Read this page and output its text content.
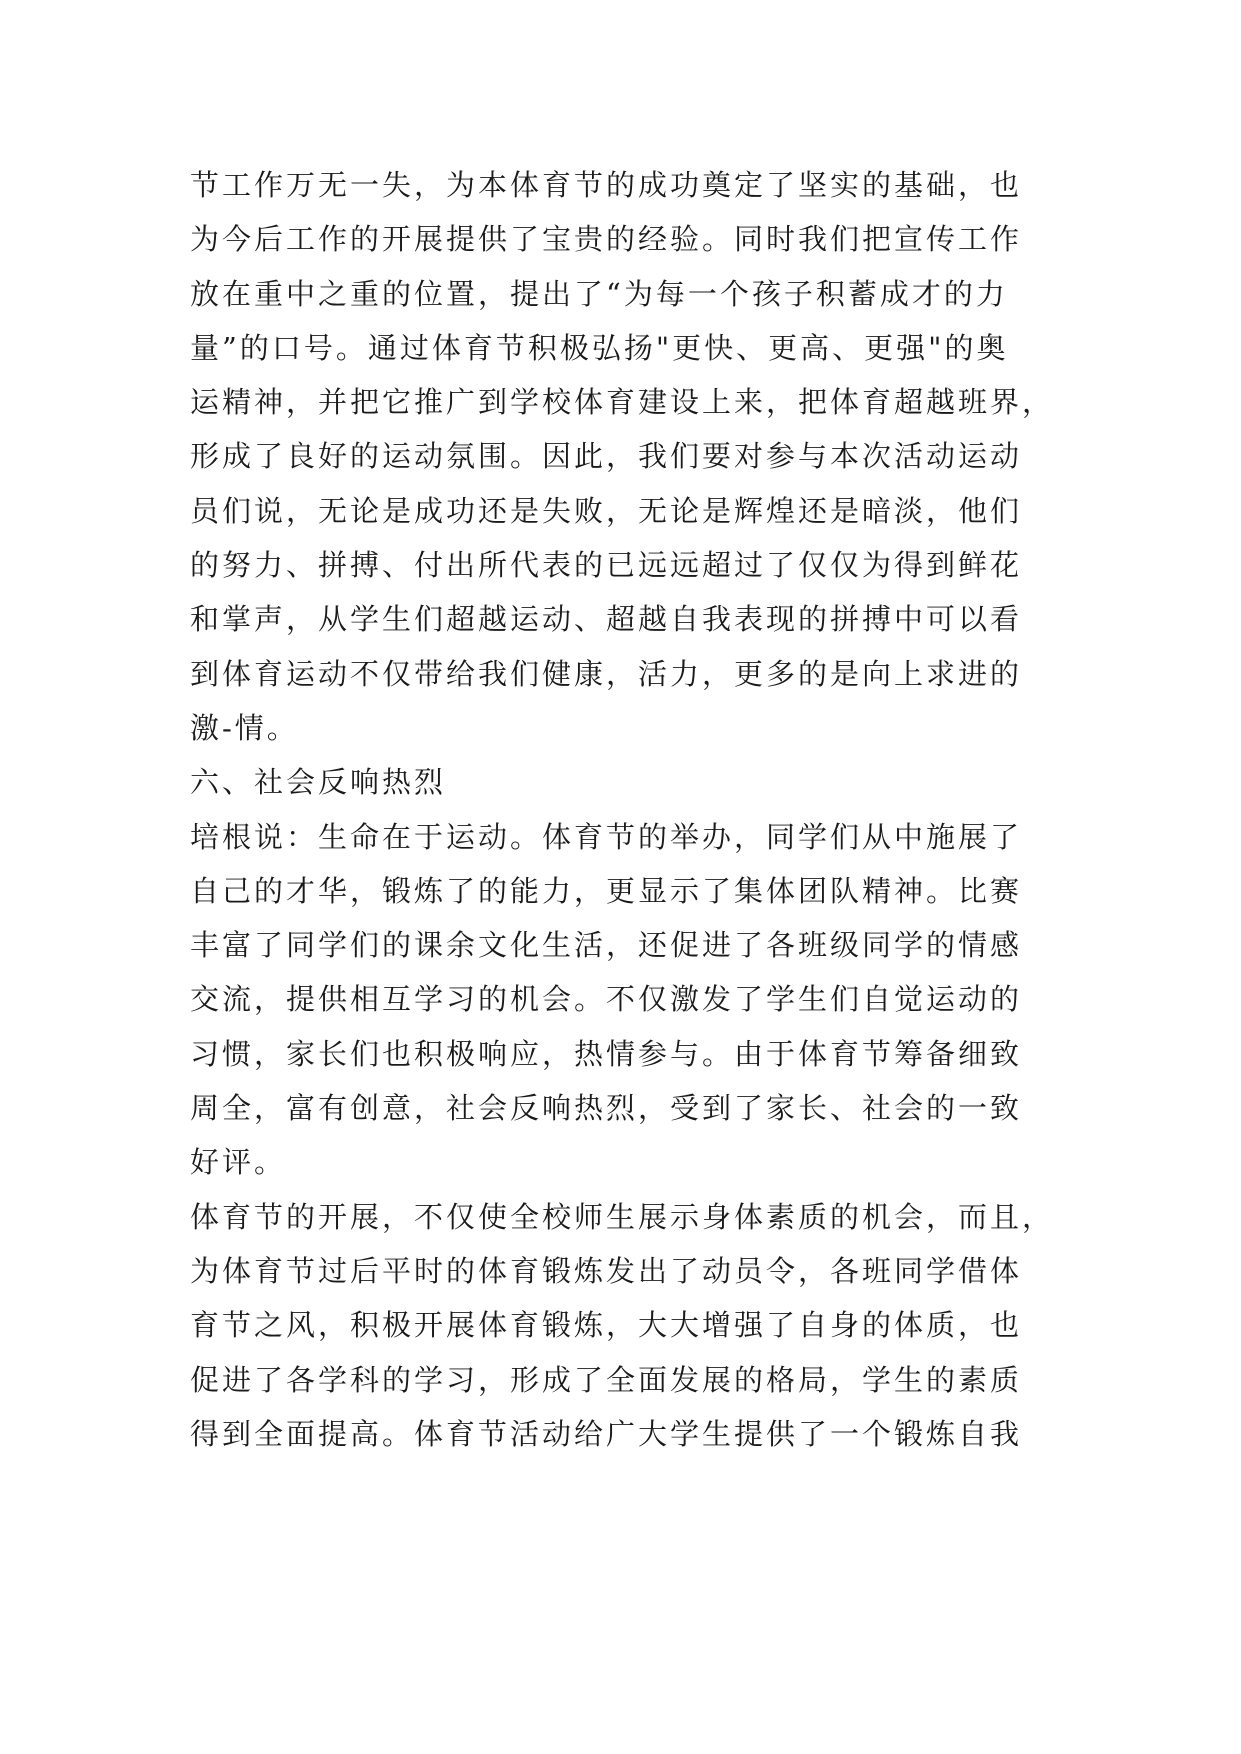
节工作万无一失，为本体育节的成功奠定了坚实的基础，也
为今后工作的开展提供了宝贵的经验。同时我们把宣传工作
放在重中之重的位置，提出了“为每一个孩子积蓄成才的力
量”的口号。通过体育节积极弘扬"更快、更高、更强"的奥
运精神，并把它推广到学校体育建设上来，把体育超越班界，
形成了良好的运动氛围。因此，我们要对参与本次活动运动
员们说，无论是成功还是失败，无论是辉煌还是暗淡，他们
的努力、拼搏、付出所代表的已远远超过了仅仅为得到鲜花
和掌声，从学生们超越运动、超越自我表现的拼搏中可以看
到体育运动不仅带给我们健康，活力，更多的是向上求进的
激-情。
六、社会反响热烈
培根说：生命在于运动。体育节的举办，同学们从中施展了
自己的才华，锻炼了的能力，更显示了集体团队精神。比赛
丰富了同学们的课余文化生活，还促进了各班级同学的情感
交流，提供相互学习的机会。不仅激发了学生们自觉运动的
习惯，家长们也积极响应，热情参与。由于体育节筹备细致
周全，富有创意，社会反响热烈，受到了家长、社会的一致
好评。
体育节的开展，不仅使全校师生展示身体素质的机会，而且，
为体育节过后平时的体育锻炼发出了动员令，各班同学借体
育节之风，积极开展体育锻炼，大大增强了自身的体质，也
促进了各学科的学习，形成了全面发展的格局，学生的素质
得到全面提高。体育节活动给广大学生提供了一个锻炼自我
